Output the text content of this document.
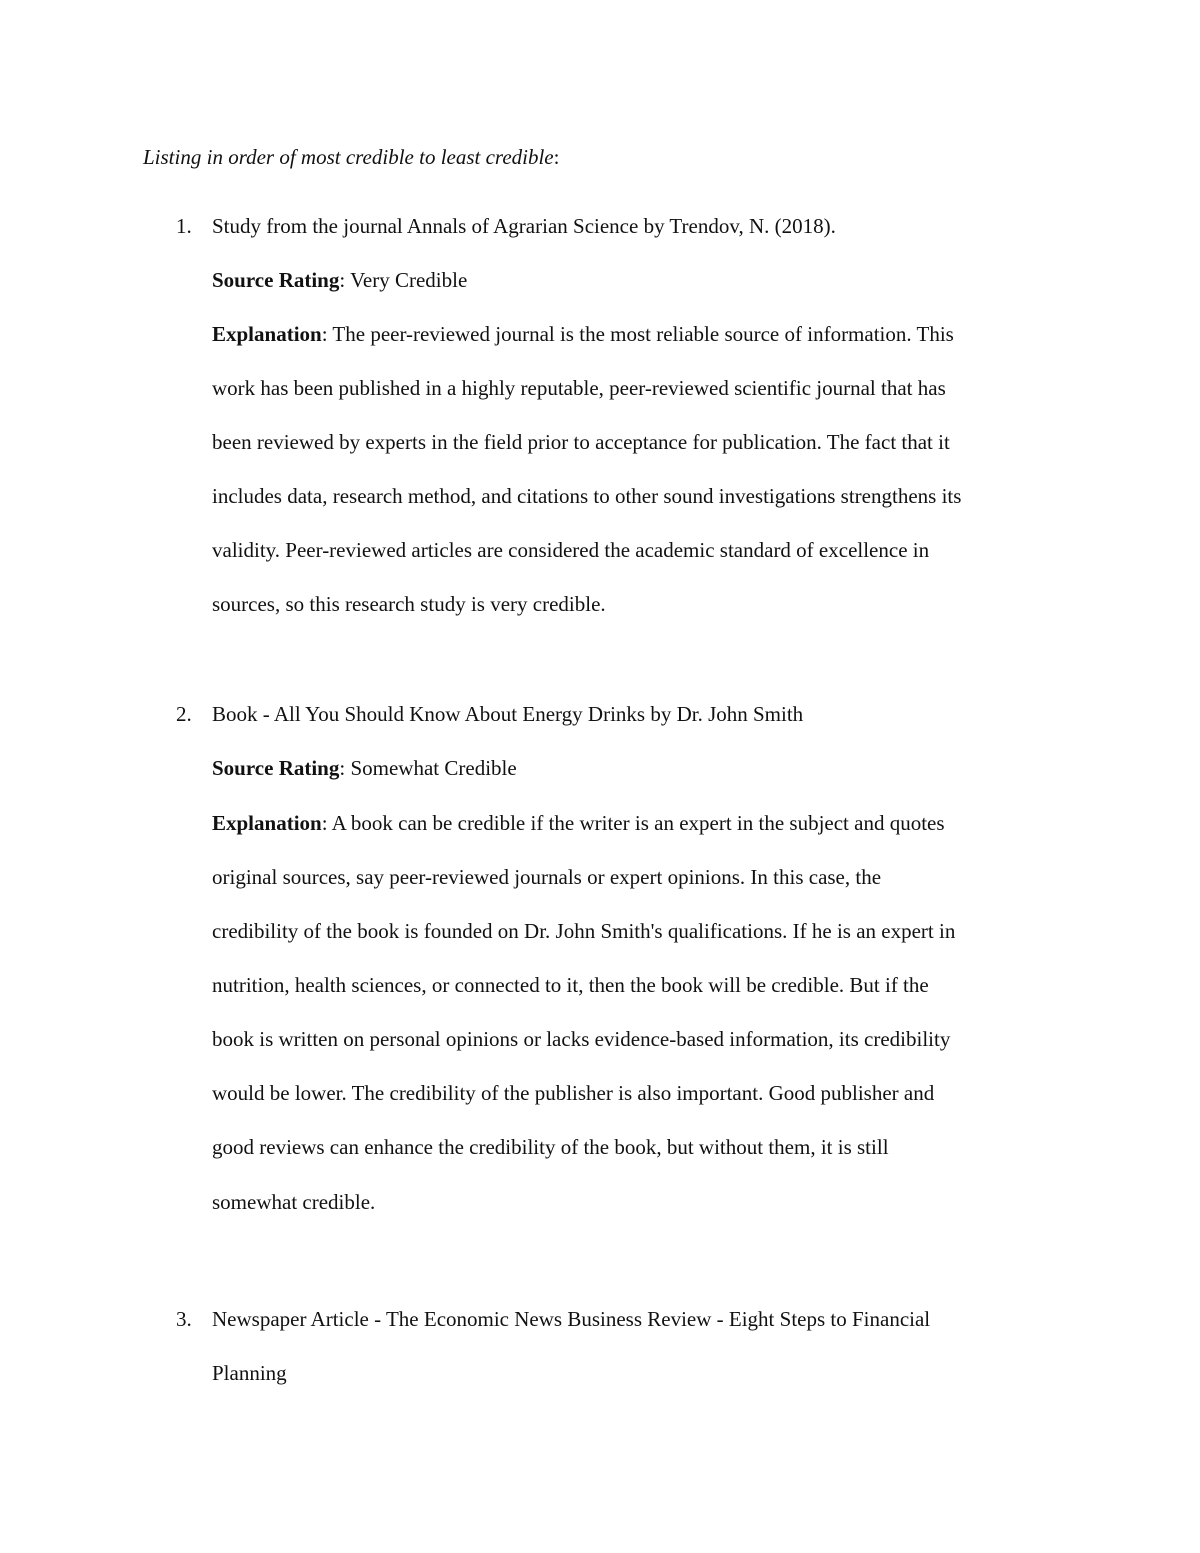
Listing in order of most credible to least credible:
1. Study from the journal Annals of Agrarian Science by Trendov, N. (2018).
Source Rating: Very Credible
Explanation: The peer-reviewed journal is the most reliable source of information. This
work has been published in a highly reputable, peer-reviewed scientific journal that has
been reviewed by experts in the field prior to acceptance for publication. The fact that it
includes data, research method, and citations to other sound investigations strengthens its
validity. Peer-reviewed articles are considered the academic standard of excellence in
sources, so this research study is very credible.
2. Book - All You Should Know About Energy Drinks by Dr. John Smith
Source Rating: Somewhat Credible
Explanation: A book can be credible if the writer is an expert in the subject and quotes
original sources, say peer-reviewed journals or expert opinions. In this case, the
credibility of the book is founded on Dr. John Smith's qualifications. If he is an expert in
nutrition, health sciences, or connected to it, then the book will be credible. But if the
book is written on personal opinions or lacks evidence-based information, its credibility
would be lower. The credibility of the publisher is also important. Good publisher and
good reviews can enhance the credibility of the book, but without them, it is still
somewhat credible.
3. Newspaper Article - The Economic News Business Review - Eight Steps to Financial
Planning
